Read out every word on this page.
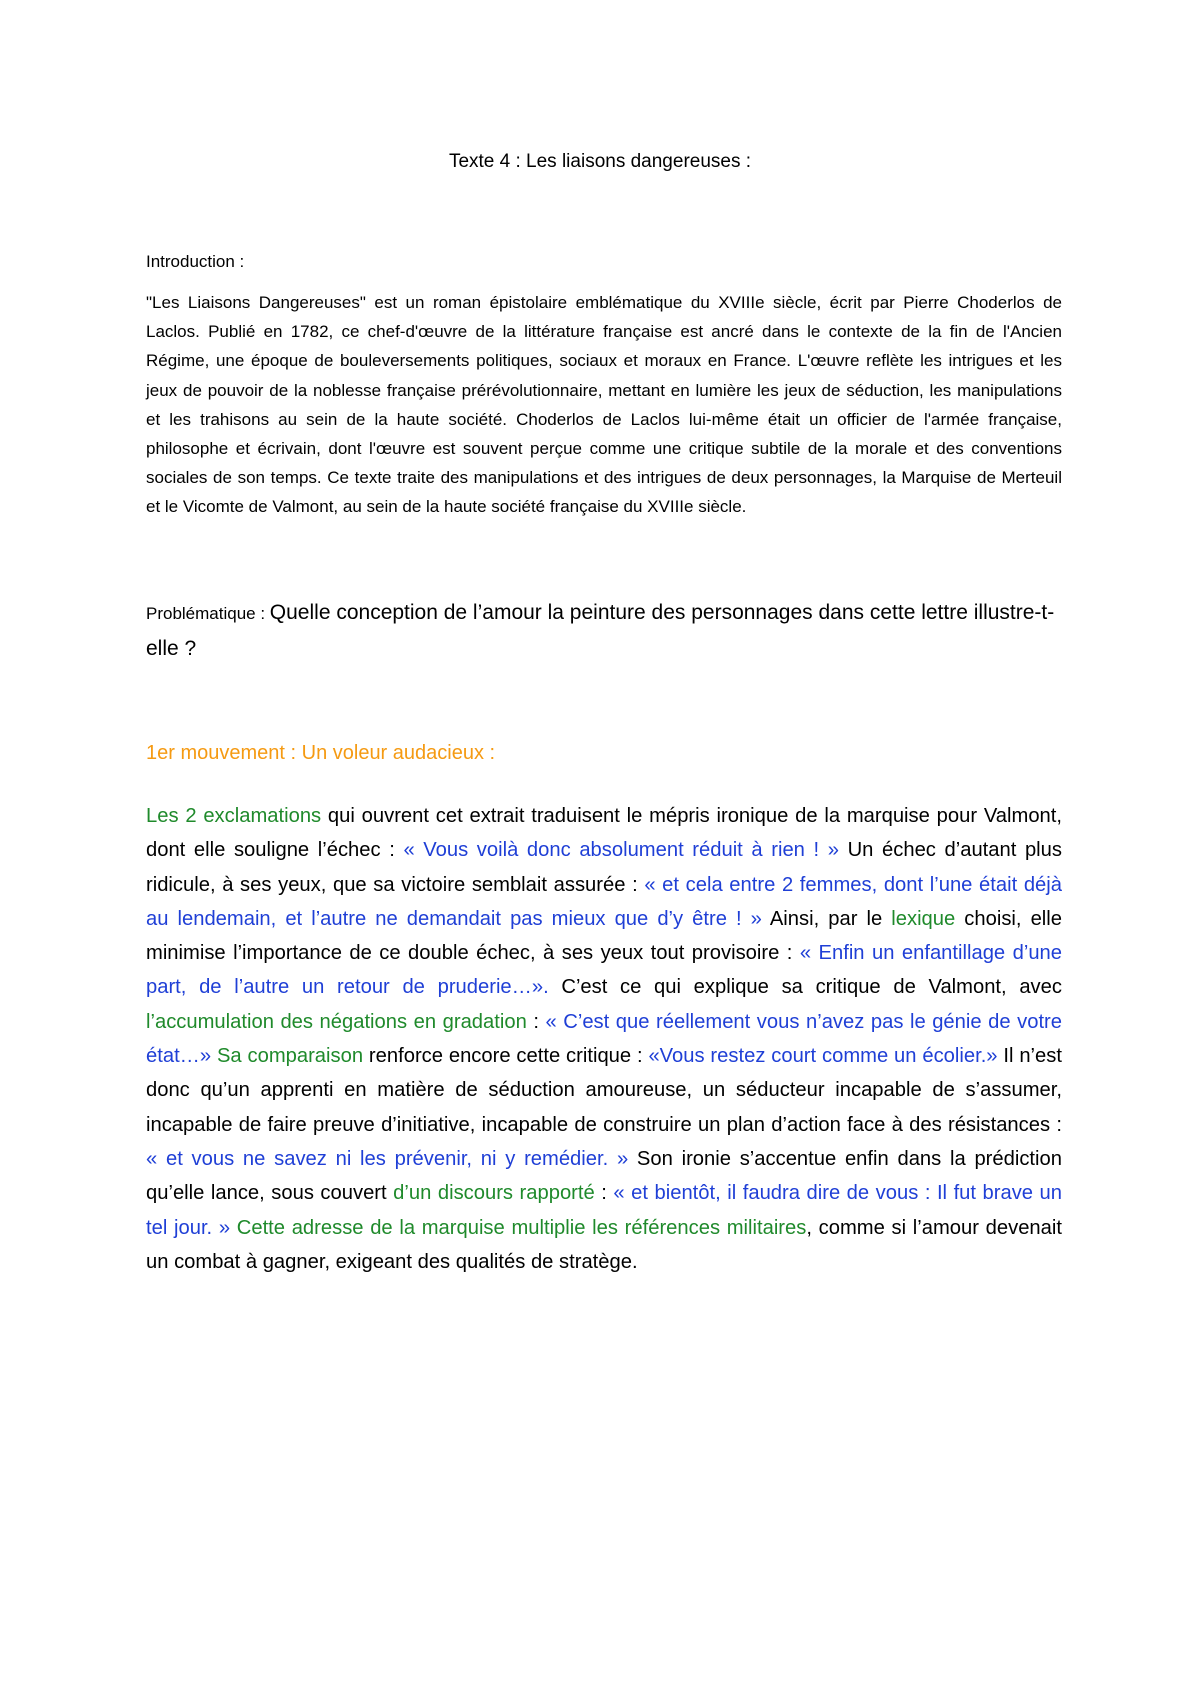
Texte 4 : Les liaisons dangereuses :
Introduction :

"Les Liaisons Dangereuses" est un roman épistolaire emblématique du XVIIIe siècle, écrit par Pierre Choderlos de Laclos. Publié en 1782, ce chef-d'œuvre de la littérature française est ancré dans le contexte de la fin de l'Ancien Régime, une époque de bouleversements politiques, sociaux et moraux en France. L'œuvre reflète les intrigues et les jeux de pouvoir de la noblesse française prérévolutionnaire, mettant en lumière les jeux de séduction, les manipulations et les trahisons au sein de la haute société. Choderlos de Laclos lui-même était un officier de l'armée française, philosophe et écrivain, dont l'œuvre est souvent perçue comme une critique subtile de la morale et des conventions sociales de son temps. Ce texte traite des manipulations et des intrigues de deux personnages, la Marquise de Merteuil et le Vicomte de Valmont, au sein de la haute société française du XVIIIe siècle.

Problématique : Quelle conception de l’amour la peinture des personnages dans cette lettre illustre-t-elle ?

1er mouvement : Un voleur audacieux :

Les 2 exclamations qui ouvrent cet extrait traduisent le mépris ironique de la marquise pour Valmont, dont elle souligne l’échec : « Vous voilà donc absolument réduit à rien ! » Un échec d’autant plus ridicule, à ses yeux, que sa victoire semblait assurée : « et cela entre 2 femmes, dont l’une était déjà au lendemain, et l’autre ne demandait pas mieux que d’y être ! » Ainsi, par le lexique choisi, elle minimise l’importance de ce double échec, à ses yeux tout provisoire : « Enfin un enfantillage d’une part, de l’autre un retour de pruderie…». C’est ce qui explique sa critique de Valmont, avec l’accumulation des négations en gradation : « C’est que réellement vous n’avez pas le génie de votre état…» Sa comparaison renforce encore cette critique : «Vous restez court comme un écolier.» Il n’est donc qu’un apprenti en matière de séduction amoureuse, un séducteur incapable de s’assumer, incapable de faire preuve d’initiative, incapable de construire un plan d’action face à des résistances : « et vous ne savez ni les prévenir, ni y remédier. » Son ironie s’accentue enfin dans la prédiction qu’elle lance, sous couvert d’un discours rapporté : « et bientôt, il faudra dire de vous : Il fut brave un tel jour. » Cette adresse de la marquise multiplie les références militaires, comme si l’amour devenait un combat à gagner, exigeant des qualités de stratège.
